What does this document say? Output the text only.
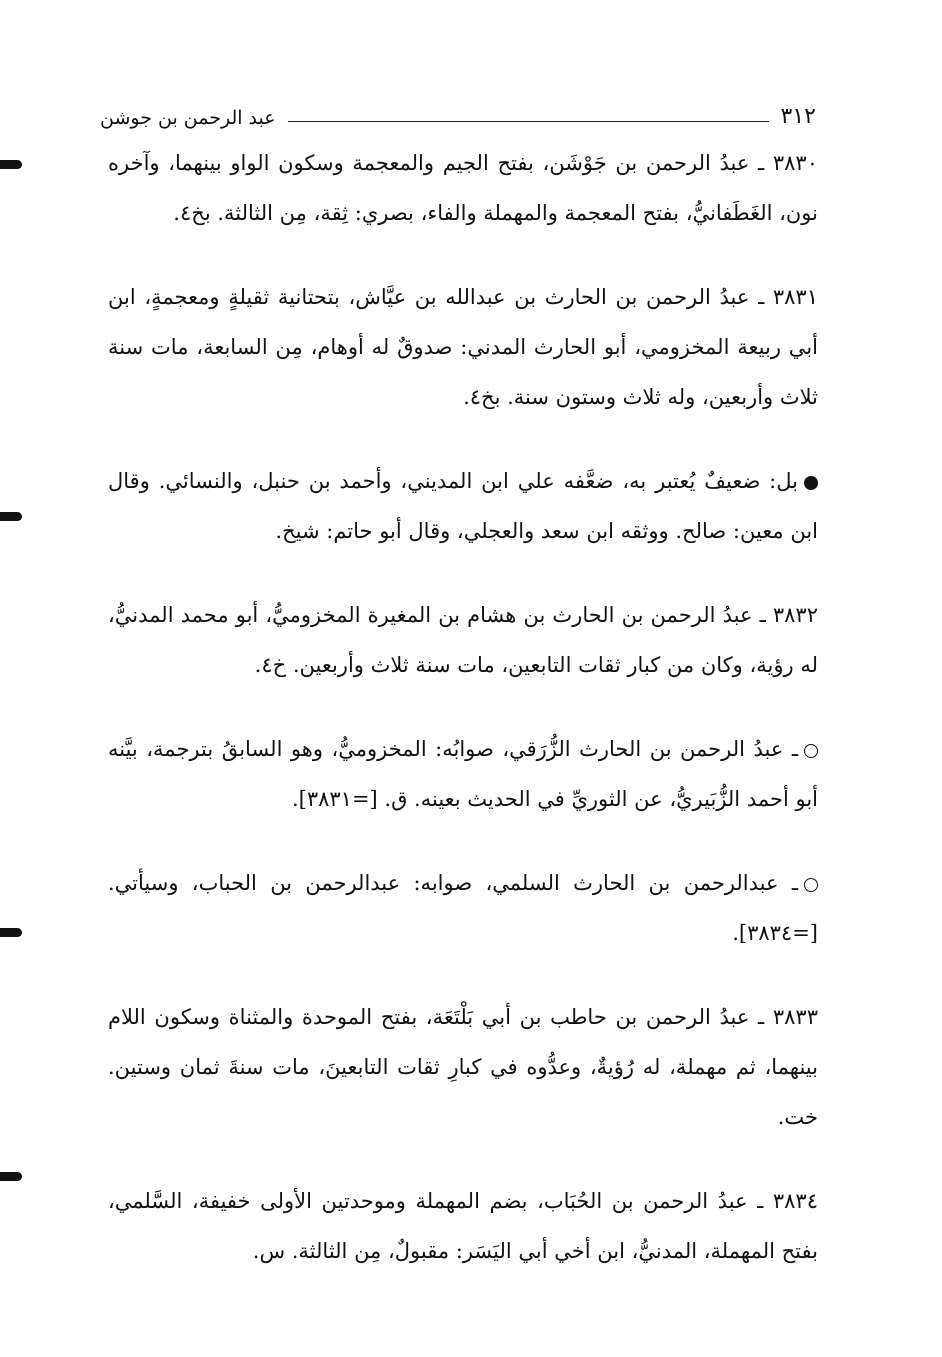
٣١٢
عبد الرحمن بن جوشن

٣٨٣٠ ـ عبدُ الرحمن بن جَوْشَن، بفتح الجيم والمعجمة وسكون الواو بينهما، وآخره نون، الغَطَفانيُّ، بفتح المعجمة والمهملة والفاء، بصري: ثِقة، مِن الثالثة. بخ٤.

٣٨٣١ ـ عبدُ الرحمن بن الحارث بن عبدالله بن عيَّاش، بتحتانية ثقيلةٍ ومعجمةٍ، ابن أبي ربيعة المخزومي، أبو الحارث المدني: صدوقٌ له أوهام، مِن السابعة، مات سنة ثلاث وأربعين، وله ثلاث وستون سنة. بخ٤.

بل: ضعيفٌ يُعتبر به، ضعَّفه علي ابن المديني، وأحمد بن حنبل، والنسائي. وقال ابن معين: صالح. ووثقه ابن سعد والعجلي، وقال أبو حاتم: شيخ.

٣٨٣٢ ـ عبدُ الرحمن بن الحارث بن هشام بن المغيرة المخزوميُّ، أبو محمد المدنيُّ، له رؤية، وكان من كبار ثقات التابعين، مات سنة ثلاث وأربعين. خ٤.

ـ عبدُ الرحمن بن الحارث الزُّرَقي، صوابُه: المخزوميُّ، وهو السابقُ بترجمة، بيَّنه أبو أحمد الزُّبَيريُّ، عن الثوريِّ في الحديث بعينه. ق. [=٣٨٣١].

ـ عبدالرحمن بن الحارث السلمي، صوابه: عبدالرحمن بن الحباب، وسيأتي. [=٣٨٣٤].

٣٨٣٣ ـ عبدُ الرحمن بن حاطب بن أبي بَلْتَعَة، بفتح الموحدة والمثناة وسكون اللام بينهما، ثم مهملة، له رُؤيةٌ، وعدُّوه في كبارِ ثقات التابعينَ، مات سنةَ ثمان وستين. خت.

٣٨٣٤ ـ عبدُ الرحمن بن الحُبَاب، بضم المهملة وموحدتين الأولى خفيفة، السَّلمي، بفتح المهملة، المدنيُّ، ابن أخي أبي اليَسَر: مقبولٌ، مِن الثالثة. س.
